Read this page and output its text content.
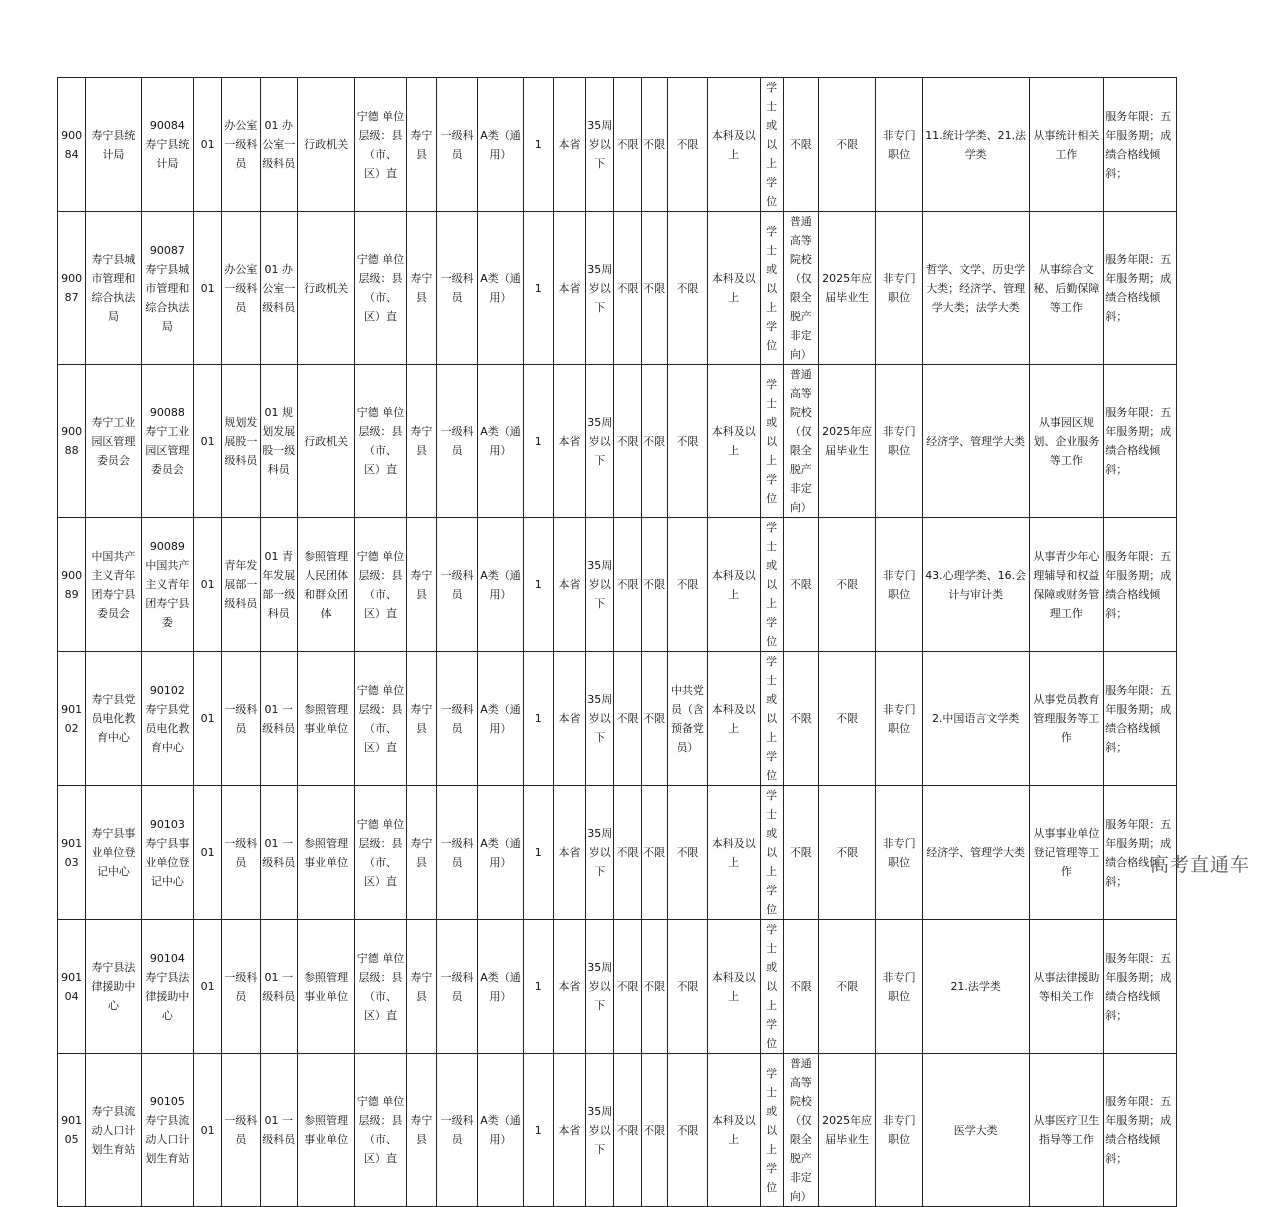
90084	寿宁县统计局	90084 寿宁县统计局	01	办公室一级科员	01 办公室一级科员	行政机关	宁德 单位层级：县（市、区）直	寿宁县	一级科员	A类（通用）	1	本省	35周岁以下	不限	不限	不限	本科及以上	学士或以上学位	不限	不限	非专门职位	11.统计学类、21.法学类	从事统计相关工作	服务年限：五年服务期；成绩合格线倾斜；
90087	寿宁县城市管理和综合执法局	90087 寿宁县城市管理和综合执法局	01	办公室一级科员	01 办公室一级科员	行政机关	宁德 单位层级：县（市、区）直	寿宁县	一级科员	A类（通用）	1	本省	35周岁以下	不限	不限	不限	本科及以上	学士或以上学位	普通高等院校（仅限全脱产非定向）	2025年应届毕业生	非专门职位	哲学、文学、历史学大类；经济学、管理学大类；法学大类	从事综合文秘、后勤保障等工作	服务年限：五年服务期；成绩合格线倾斜；
90088	寿宁工业园区管理委员会	90088 寿宁工业园区管理委员会	01	规划发展股一级科员	01 规划发展股一级科员	行政机关	宁德 单位层级：县（市、区）直	寿宁县	一级科员	A类（通用）	1	本省	35周岁以下	不限	不限	不限	本科及以上	学士或以上学位	普通高等院校（仅限全脱产非定向）	2025年应届毕业生	非专门职位	经济学、管理学大类	从事园区规划、企业服务等工作	服务年限：五年服务期；成绩合格线倾斜；
90089	中国共产主义青年团寿宁县委员会	90089 中国共产主义青年团寿宁县委	01	青年发展部一级科员	01 青年发展部一级科员	参照管理人民团体和群众团体	宁德 单位层级：县（市、区）直	寿宁县	一级科员	A类（通用）	1	本省	35周岁以下	不限	不限	不限	本科及以上	学士或以上学位	不限	不限	非专门职位	43.心理学类、16.会计与审计类	从事青少年心理辅导和权益保障或财务管理工作	服务年限：五年服务期；成绩合格线倾斜；
90102	寿宁县党员电化教育中心	90102 寿宁县党员电化教育中心	01	一级科员	01 一级科员	参照管理事业单位	宁德 单位层级：县（市、区）直	寿宁县	一级科员	A类（通用）	1	本省	35周岁以下	不限	不限	中共党员（含预备党员）	本科及以上	学士或以上学位	不限	不限	非专门职位	2.中国语言文学类	从事党员教育管理服务等工作	服务年限：五年服务期；成绩合格线倾斜；
90103	寿宁县事业单位登记中心	90103 寿宁县事业单位登记中心	01	一级科员	01 一级科员	参照管理事业单位	宁德 单位层级：县（市、区）直	寿宁县	一级科员	A类（通用）	1	本省	35周岁以下	不限	不限	不限	本科及以上	学士或以上学位	不限	不限	非专门职位	经济学、管理学大类	从事事业单位登记管理等工作	服务年限：五年服务期；成绩合格线倾斜；
90104	寿宁县法律援助中心	90104 寿宁县法律援助中心	01	一级科员	01 一级科员	参照管理事业单位	宁德 单位层级：县（市、区）直	寿宁县	一级科员	A类（通用）	1	本省	35周岁以下	不限	不限	不限	本科及以上	学士或以上学位	不限	不限	非专门职位	21.法学类	从事法律援助等相关工作	服务年限：五年服务期；成绩合格线倾斜；
90105	寿宁县流动人口计划生育站	90105 寿宁县流动人口计划生育站	01	一级科员	01 一级科员	参照管理事业单位	宁德 单位层级：县（市、区）直	寿宁县	一级科员	A类（通用）	1	本省	35周岁以下	不限	不限	不限	本科及以上	学士或以上学位	普通高等院校（仅限全脱产非定向）	2025年应届毕业生	非专门职位	医学大类	从事医疗卫生指导等工作	服务年限：五年服务期；成绩合格线倾斜；
高考直通车
